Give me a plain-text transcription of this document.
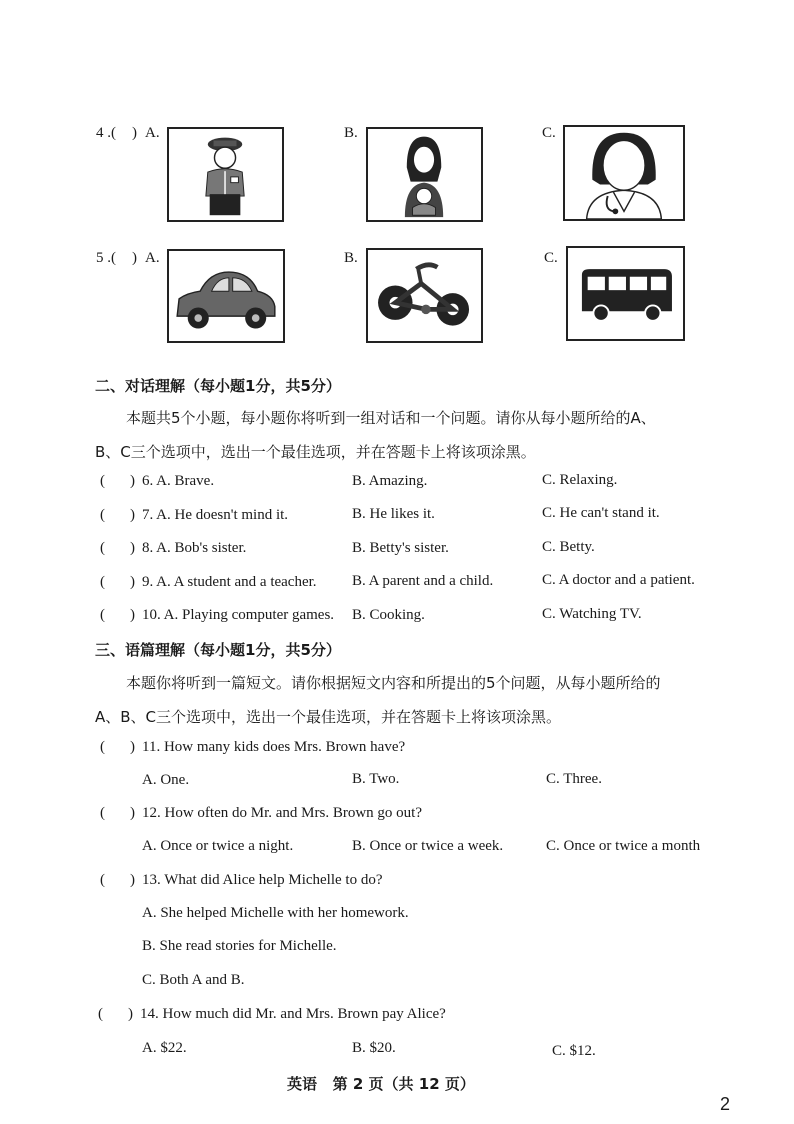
4 .( ) A.	B.	C.
5 .( ) A.	B.	C.
二、对话理解（每小题1分，共5分）
本题共5个小题，每小题你将听到一组对话和一个问题。请你从每小题所给的A、
B、C三个选项中，选出一个最佳选项，并在答题卡上将该项涂黑。
( ) 6. A. Brave.	B. Amazing.	C. Relaxing.
( ) 7. A. He doesn't mind it.	B. He likes it.	C. He can't stand it.
( ) 8. A. Bob's sister.	B. Betty's sister.	C. Betty.
( ) 9. A. A student and a teacher. B. A parent and a child.	C. A doctor and a patient.
( ) 10. A. Playing computer games. B. Cooking.	C. Watching TV.
三、语篇理解（每小题1分，共5分）
本题你将听到一篇短文。请你根据短文内容和所提出的5个问题，从每小题所给的
A、B、C三个选项中，选出一个最佳选项，并在答题卡上将该项涂黑。
( ) 11. How many kids does Mrs. Brown have?
A. One.	B. Two.	C. Three.
( ) 12. How often do Mr. and Mrs. Brown go out?
A. Once or twice a night.	B. Once or twice a week.	C. Once or twice a month
( ) 13. What did Alice help Michelle to do?
A. She helped Michelle with her homework.
B. She read stories for Michelle.
C. Both A and B.
( ) 14. How much did Mr. and Mrs. Brown pay Alice?
A. $22.	B. $20.	C. $12.
英语   第 2 页（共 12 页）
2
